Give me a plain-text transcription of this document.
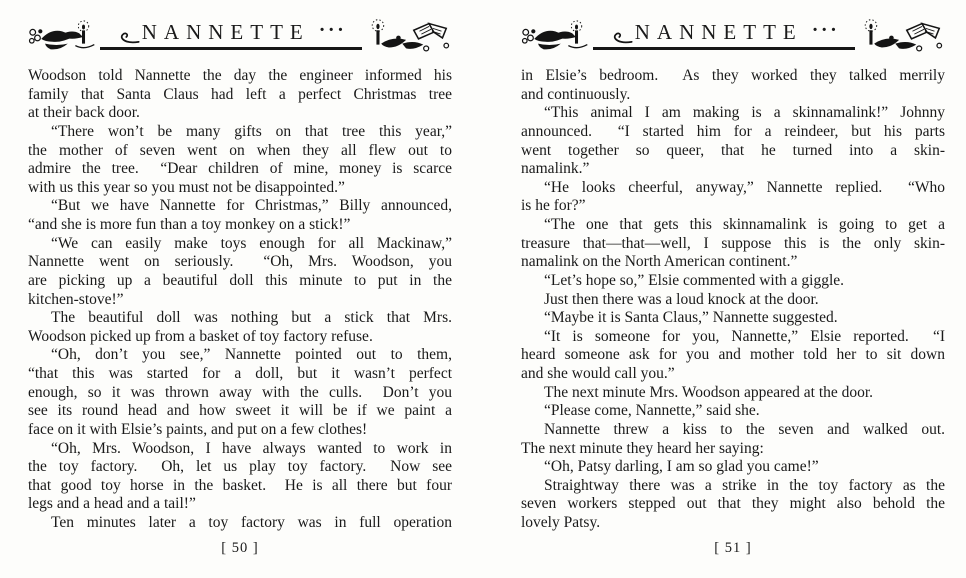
NANNETTE ···
Woodson told Nannette the day the engineer informed his
family that Santa Claus had left a perfect Christmas tree
at their back door.
“There won’t be many gifts on that tree this year,”
the mother of seven went on when they all flew out to
admire the tree.  “Dear children of mine, money is scarce
with us this year so you must not be disappointed.”
“But we have Nannette for Christmas,” Billy announced,
“and she is more fun than a toy monkey on a stick!”
“We can easily make toys enough for all Mackinaw,”
Nannette went on seriously.  “Oh, Mrs. Woodson, you
are picking up a beautiful doll this minute to put in the
kitchen-stove!”
The beautiful doll was nothing but a stick that Mrs.
Woodson picked up from a basket of toy factory refuse.
“Oh, don’t you see,” Nannette pointed out to them,
“that this was started for a doll, but it wasn’t perfect
enough, so it was thrown away with the culls.  Don’t you
see its round head and how sweet it will be if we paint a
face on it with Elsie’s paints, and put on a few clothes!
“Oh, Mrs. Woodson, I have always wanted to work in
the toy factory.  Oh, let us play toy factory.  Now see
that good toy horse in the basket.  He is all there but four
legs and a head and a tail!”
Ten minutes later a toy factory was in full operation
[ 50 ]
NANNETTE ···
in Elsie’s bedroom.  As they worked they talked merrily
and continuously.
“This animal I am making is a skinnamalink!” Johnny
announced.  “I started him for a reindeer, but his parts
went together so queer, that he turned into a skin-
namalink.”
“He looks cheerful, anyway,” Nannette replied.  “Who
is he for?”
“The one that gets this skinnamalink is going to get a
treasure that—that—well, I suppose this is the only skin-
namalink on the North American continent.”
“Let’s hope so,” Elsie commented with a giggle.
Just then there was a loud knock at the door.
“Maybe it is Santa Claus,” Nannette suggested.
“It is someone for you, Nannette,” Elsie reported.  “I
heard someone ask for you and mother told her to sit down
and she would call you.”
The next minute Mrs. Woodson appeared at the door.
“Please come, Nannette,” said she.
Nannette threw a kiss to the seven and walked out.
The next minute they heard her saying:
“Oh, Patsy darling, I am so glad you came!”
Straightway there was a strike in the toy factory as the
seven workers stepped out that they might also behold the
lovely Patsy.
[ 51 ]
